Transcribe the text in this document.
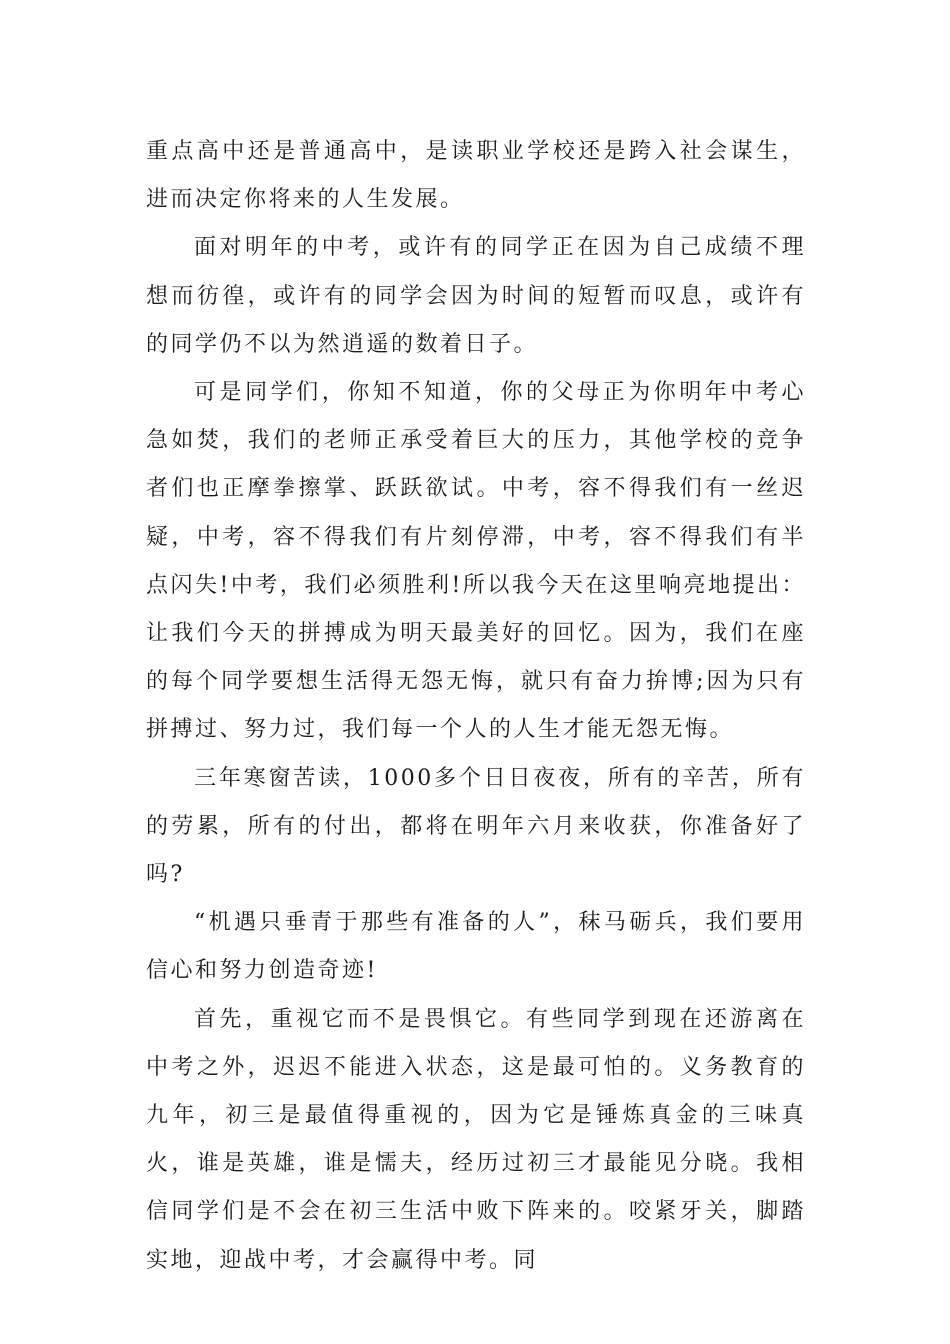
重点高中还是普通高中，是读职业学校还是跨入社会谋生，进而决定你将来的人生发展。

面对明年的中考，或许有的同学正在因为自己成绩不理想而彷徨，或许有的同学会因为时间的短暂而叹息，或许有的同学仍不以为然逍遥的数着日子。

可是同学们，你知不知道，你的父母正为你明年中考心急如焚，我们的老师正承受着巨大的压力，其他学校的竞争者们也正摩拳擦掌、跃跃欲试。中考，容不得我们有一丝迟疑，中考，容不得我们有片刻停滞，中考，容不得我们有半点闪失!中考，我们必须胜利!所以我今天在这里响亮地提出：让我们今天的拼搏成为明天最美好的回忆。因为，我们在座的每个同学要想生活得无怨无悔，就只有奋力拚博;因为只有拼搏过、努力过，我们每一个人的人生才能无怨无悔。

三年寒窗苦读，1000多个日日夜夜，所有的辛苦，所有的劳累，所有的付出，都将在明年六月来收获，你准备好了吗?

“机遇只垂青于那些有准备的人”，秣马砺兵，我们要用信心和努力创造奇迹!

首先，重视它而不是畏惧它。有些同学到现在还游离在中考之外，迟迟不能进入状态，这是最可怕的。义务教育的九年，初三是最值得重视的，因为它是锤炼真金的三味真火，谁是英雄，谁是懦夫，经历过初三才最能见分晓。我相信同学们是不会在初三生活中败下阵来的。咬紧牙关，脚踏实地，迎战中考，才会赢得中考。同
